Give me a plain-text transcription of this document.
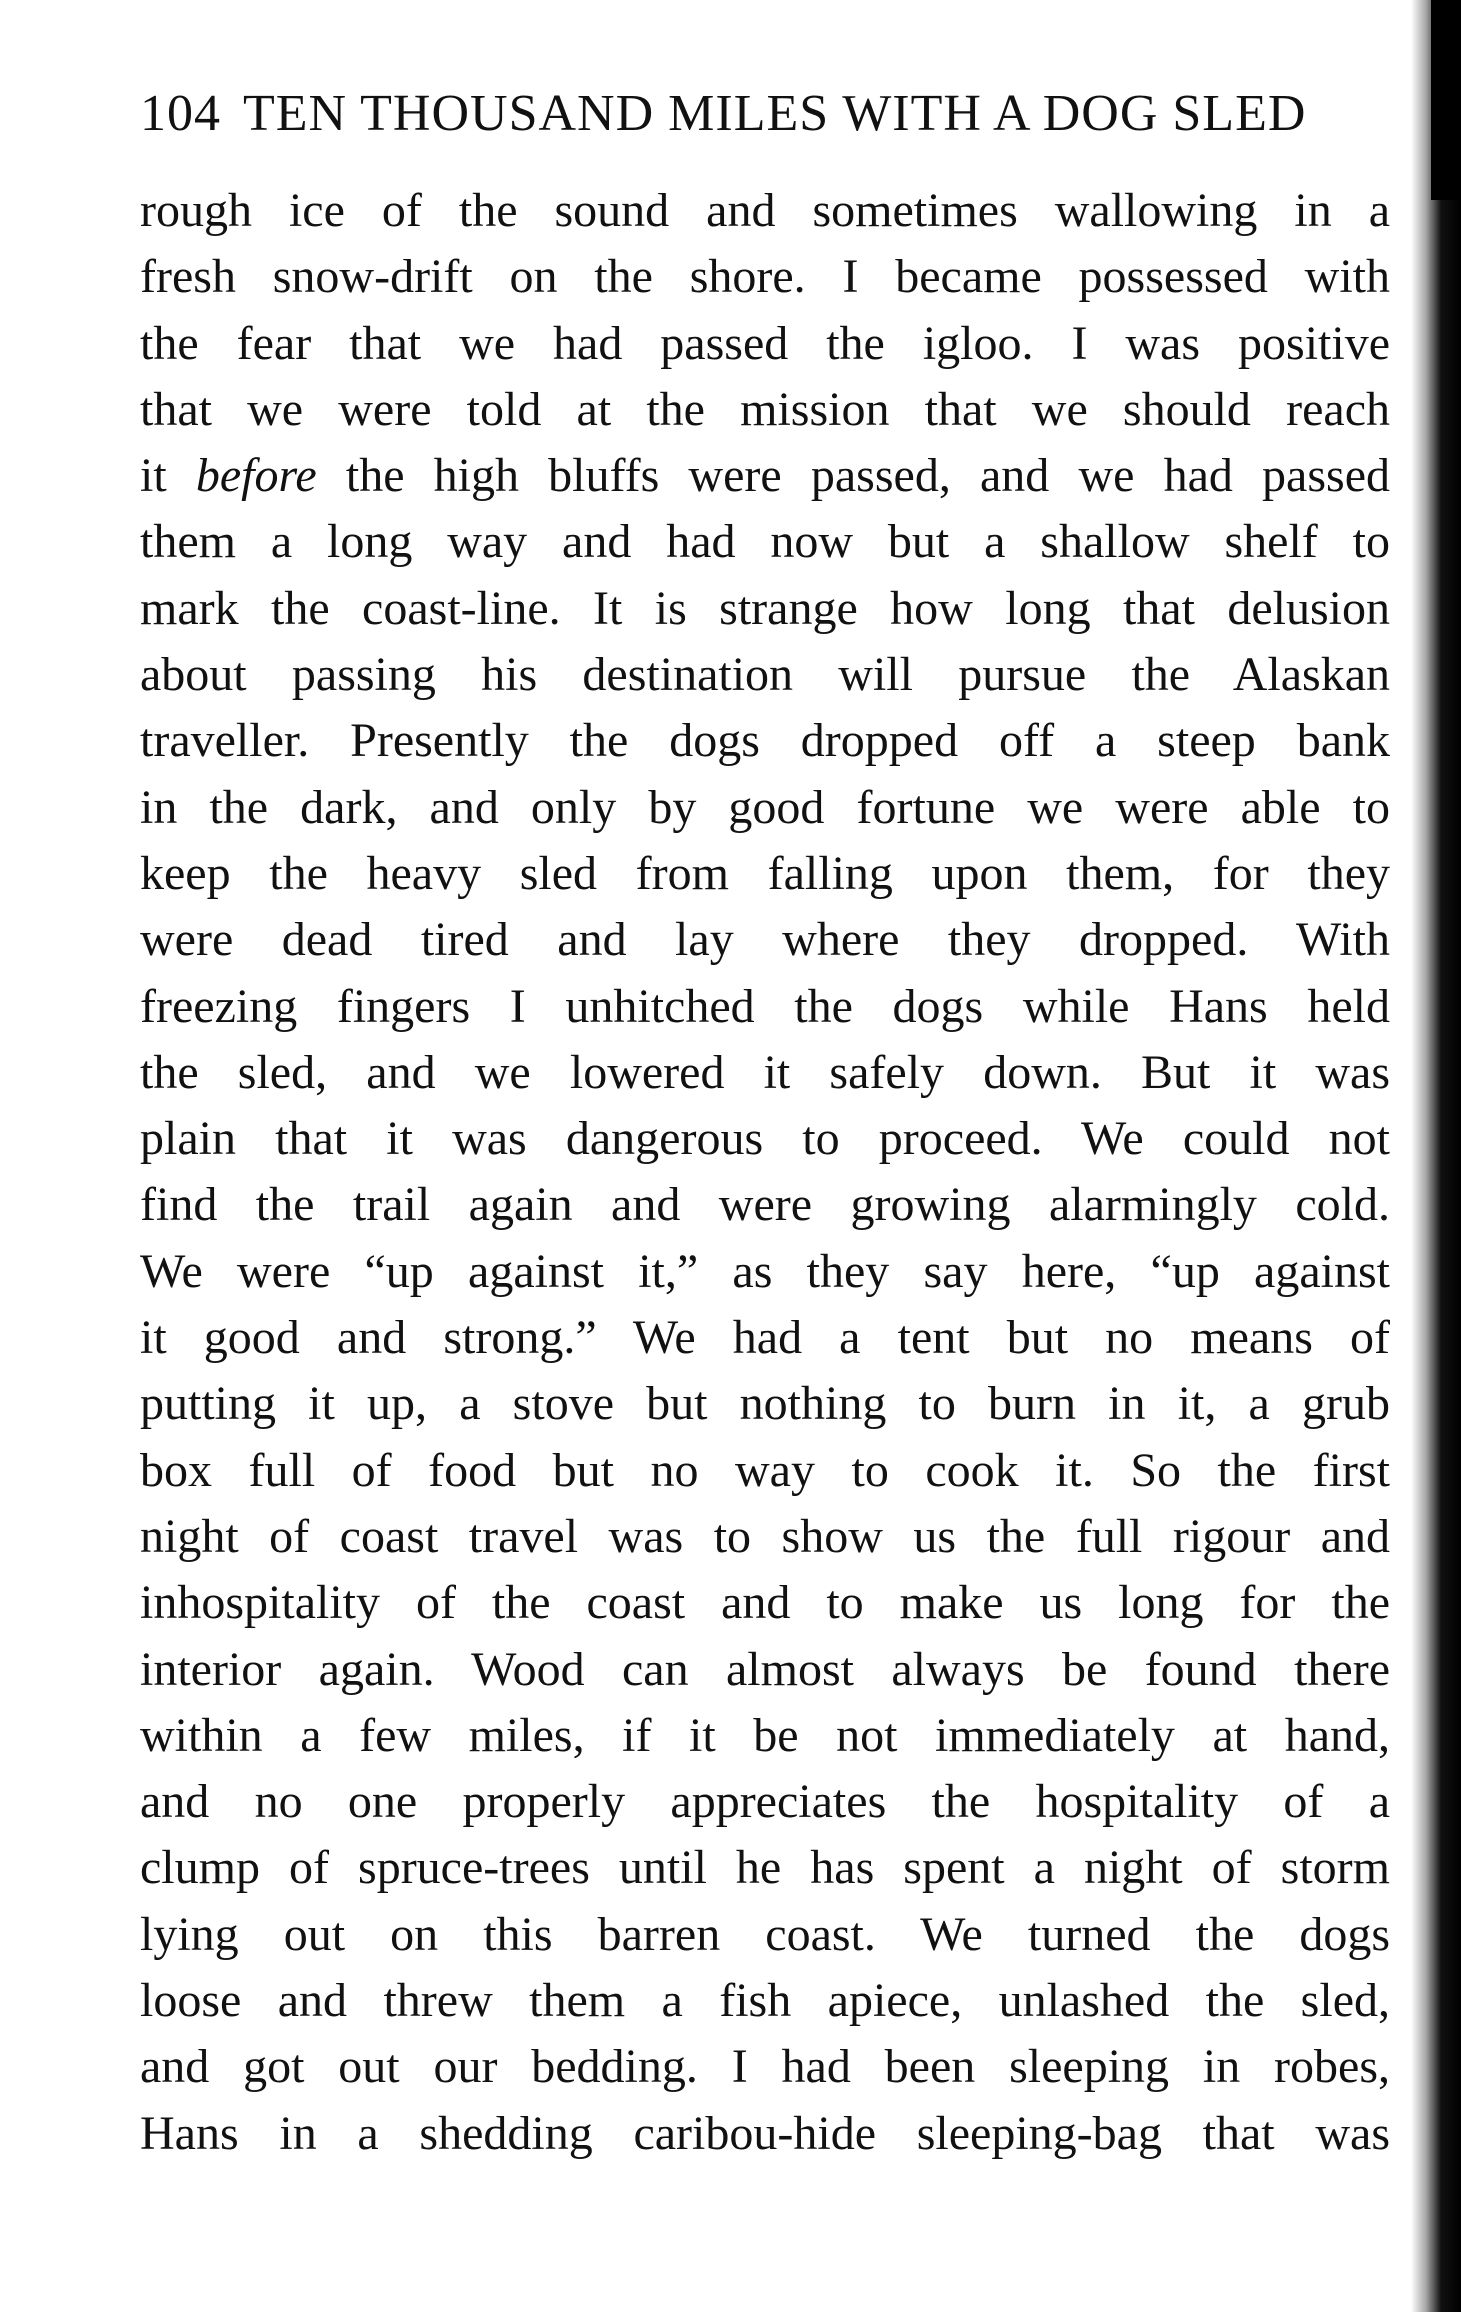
104 TEN THOUSAND MILES WITH A DOG SLED
rough ice of the sound and sometimes wallowing in a
fresh snow-drift on the shore. I became possessed with
the fear that we had passed the igloo. I was positive
that we were told at the mission that we should reach
it before the high bluffs were passed, and we had passed
them a long way and had now but a shallow shelf to
mark the coast-line. It is strange how long that delusion
about passing his destination will pursue the Alaskan
traveller. Presently the dogs dropped off a steep bank
in the dark, and only by good fortune we were able to
keep the heavy sled from falling upon them, for they
were dead tired and lay where they dropped. With
freezing fingers I unhitched the dogs while Hans held
the sled, and we lowered it safely down. But it was
plain that it was dangerous to proceed. We could not
find the trail again and were growing alarmingly cold.
We were “up against it,” as they say here, “up against
it good and strong.” We had a tent but no means of
putting it up, a stove but nothing to burn in it, a grub
box full of food but no way to cook it. So the first
night of coast travel was to show us the full rigour and
inhospitality of the coast and to make us long for the
interior again. Wood can almost always be found there
within a few miles, if it be not immediately at hand,
and no one properly appreciates the hospitality of a
clump of spruce-trees until he has spent a night of storm
lying out on this barren coast. We turned the dogs
loose and threw them a fish apiece, unlashed the sled,
and got out our bedding. I had been sleeping in robes,
Hans in a shedding caribou-hide sleeping-bag that was
